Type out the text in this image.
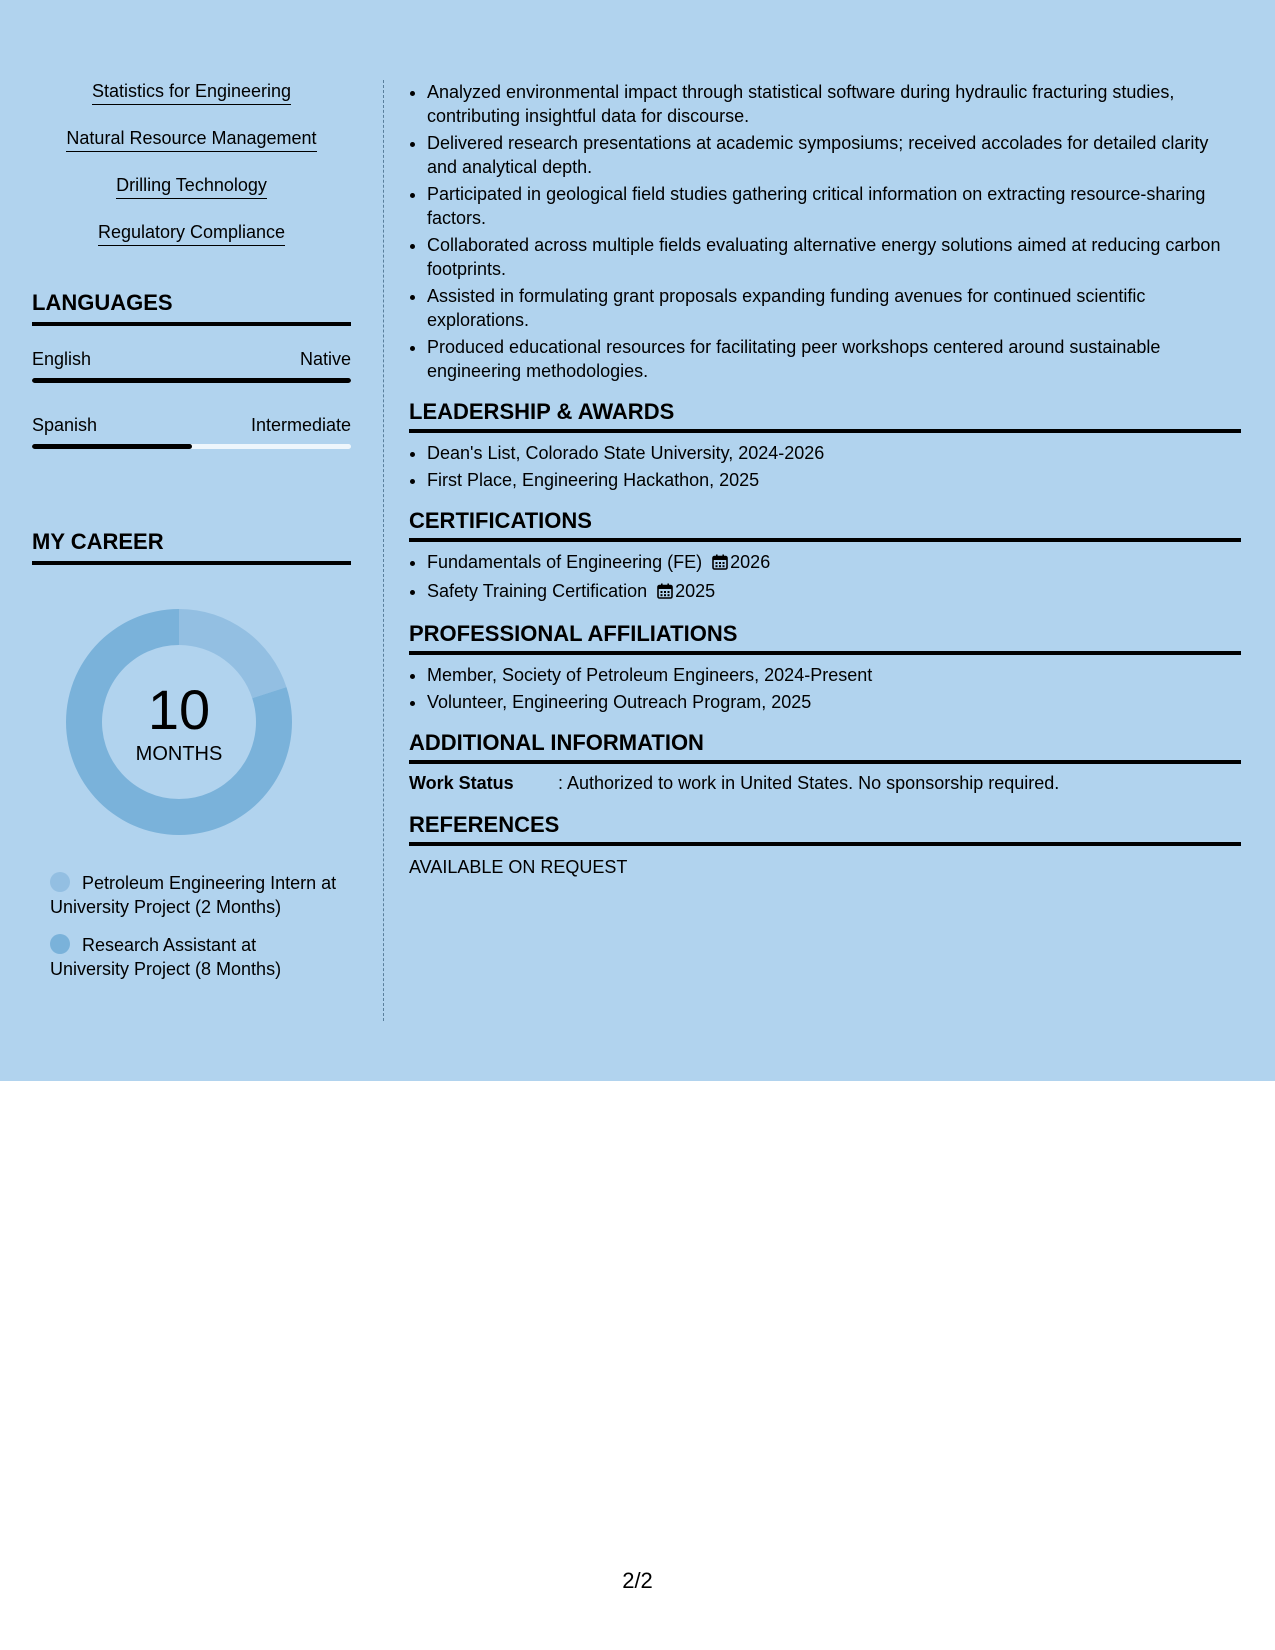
Statistics for Engineering
Natural Resource Management
Drilling Technology
Regulatory Compliance
LANGUAGES
English	Native
Spanish	Intermediate
MY CAREER
10
MONTHS
Petroleum Engineering Intern at University Project (2 Months)
Research Assistant at University Project (8 Months)
• Analyzed environmental impact through statistical software during hydraulic fracturing studies, contributing insightful data for discourse.
• Delivered research presentations at academic symposiums; received accolades for detailed clarity and analytical depth.
• Participated in geological field studies gathering critical information on extracting resource-sharing factors.
• Collaborated across multiple fields evaluating alternative energy solutions aimed at reducing carbon footprints.
• Assisted in formulating grant proposals expanding funding avenues for continued scientific explorations.
• Produced educational resources for facilitating peer workshops centered around sustainable engineering methodologies.
LEADERSHIP & AWARDS
• Dean's List, Colorado State University, 2024-2026
• First Place, Engineering Hackathon, 2025
CERTIFICATIONS
• Fundamentals of Engineering (FE) 2026
• Safety Training Certification 2025
PROFESSIONAL AFFILIATIONS
• Member, Society of Petroleum Engineers, 2024-Present
• Volunteer, Engineering Outreach Program, 2025
ADDITIONAL INFORMATION
Work Status : Authorized to work in United States. No sponsorship required.
REFERENCES
AVAILABLE ON REQUEST
2/2
